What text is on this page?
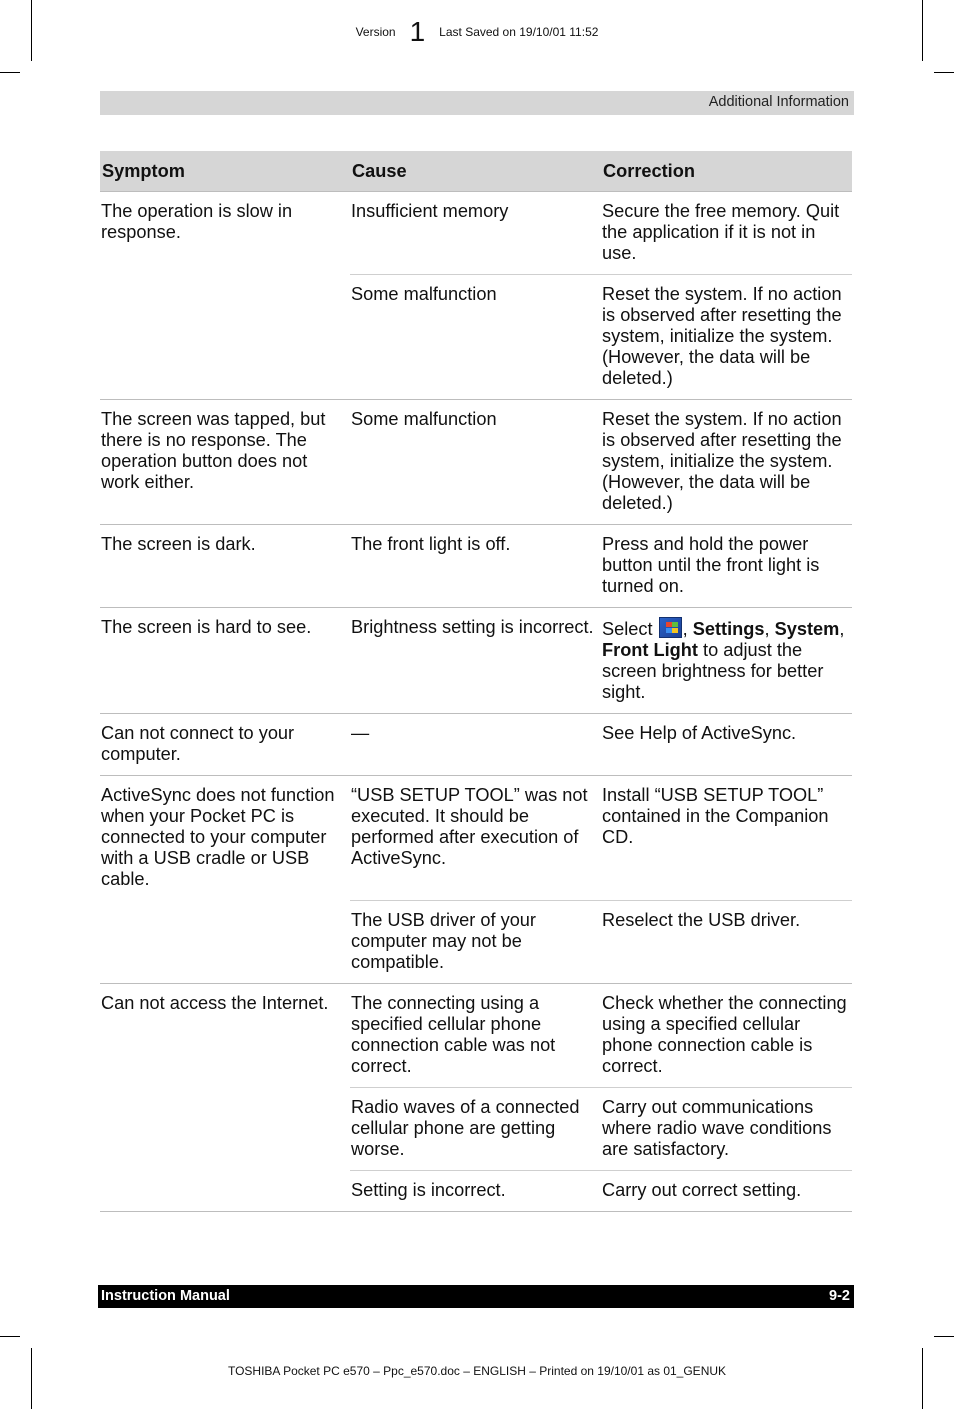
Version 1 Last Saved on 19/10/01 11:52
Additional Information
Symptom	Cause	Correction
The operation is slow in response.	Insufficient memory	Secure the free memory. Quit the application if it is not in use.
	Some malfunction	Reset the system. If no action is observed after resetting the system, initialize the system. (However, the data will be deleted.)
The screen was tapped, but there is no response. The operation button does not work either.	Some malfunction	Reset the system. If no action is observed after resetting the system, initialize the system. (However, the data will be deleted.)
The screen is dark.	The front light is off.	Press and hold the power button until the front light is turned on.
The screen is hard to see.	Brightness setting is incorrect.	Select , Settings, System, Front Light to adjust the screen brightness for better sight.
Can not connect to your computer.	—	See Help of ActiveSync.
ActiveSync does not function when your Pocket PC is connected to your computer with a USB cradle or USB cable.	“USB SETUP TOOL” was not executed. It should be performed after execution of ActiveSync.	Install “USB SETUP TOOL” contained in the Companion CD.
	The USB driver of your computer may not be compatible.	Reselect the USB driver.
Can not access the Internet.	The connecting using a specified cellular phone connection cable was not correct.	Check whether the connecting using a specified cellular phone connection cable is correct.
	Radio waves of a connected cellular phone are getting worse.	Carry out communications where radio wave conditions are satisfactory.
	Setting is incorrect.	Carry out correct setting.
Instruction Manual	9-2
TOSHIBA Pocket PC e570 – Ppc_e570.doc – ENGLISH – Printed on 19/10/01 as 01_GENUK
